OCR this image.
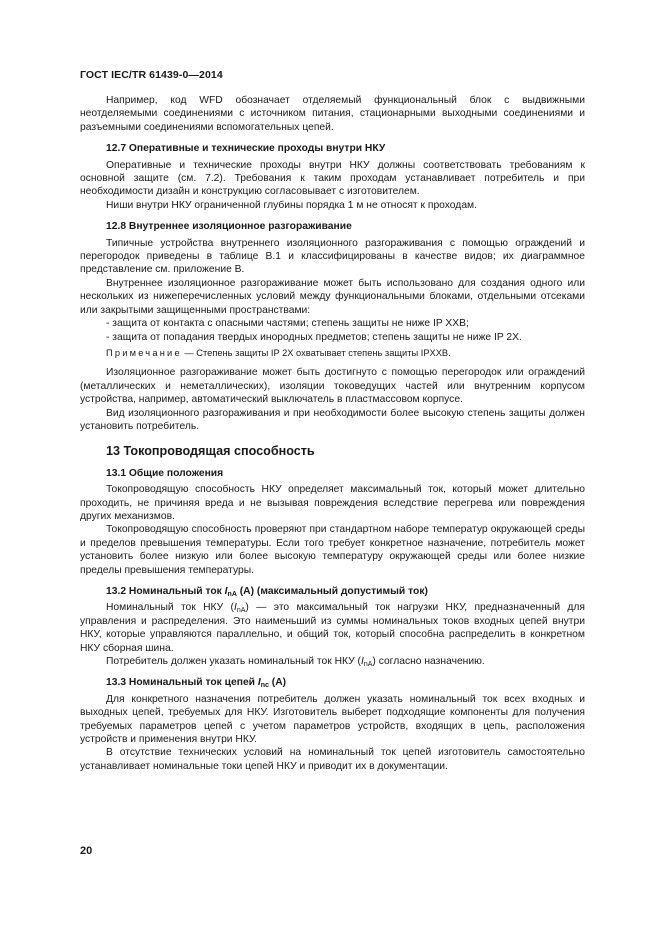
ГОСТ IEC/TR 61439-0—2014

Например, код WFD обозначает отделяемый функциональный блок с выдвижными неотделяемыми соединениями с источником питания, стационарными выходными соединениями и разъемными соединениями вспомогательных цепей.

12.7 Оперативные и технические проходы внутри НКУ

Оперативные и технические проходы внутри НКУ должны соответствовать требованиям к основной защите (см. 7.2). Требования к таким проходам устанавливает потребитель и при необходимости дизайн и конструкцию согласовывает с изготовителем.

Ниши внутри НКУ ограниченной глубины порядка 1 м не относят к проходам.

12.8 Внутреннее изоляционное разгораживание

Типичные устройства внутреннего изоляционного разгораживания с помощью ограждений и перегородок приведены в таблице В.1 и классифицированы в качестве видов; их диаграммное представление см. приложение В.

Внутреннее изоляционное разгораживание может быть использовано для создания одного или нескольких из нижеперечисленных условий между функциональными блоками, отдельными отсеками или закрытыми защищенными пространствами:

- защита от контакта с опасными частями; степень защиты не ниже IP XXB;

- защита от попадания твердых инородных предметов; степень защиты не ниже IP 2X.

Примечание — Степень защиты IP 2X охватывает степень защиты IPXXB.

Изоляционное разгораживание может быть достигнуто с помощью перегородок или ограждений (металлических и неметаллических), изоляции токоведущих частей или внутренним корпусом устройства, например, автоматический выключатель в пластмассовом корпусе.

Вид изоляционного разгораживания и при необходимости более высокую степень защиты должен установить потребитель.

13 Токопроводящая способность

13.1 Общие положения

Токопроводящую способность НКУ определяет максимальный ток, который может длительно проходить, не причиняя вреда и не вызывая повреждения вследствие перегрева или повреждения других механизмов.

Токопроводящую способность проверяют при стандартном наборе температур окружающей среды и пределов превышения температуры. Если того требует конкретное назначение, потребитель может установить более низкую или более высокую температуру окружающей среды или более низкие пределы превышения температуры.

13.2 Номинальный ток $I_{nA}$ (А) (максимальный допустимый ток)

Номинальный ток НКУ $(I_{nA})$ — это максимальный ток нагрузки НКУ, предназначенный для управления и распределения. Это наименьший из суммы номинальных токов входных цепей внутри НКУ, которые управляются параллельно, и общий ток, который способна распределить в конкретном НКУ сборная шина.

Потребитель должен указать номинальный ток НКУ $(I_{nA})$ согласно назначению.

13.3 Номинальный ток цепей $I_{nc}$ (А)

Для конкретного назначения потребитель должен указать номинальный ток всех входных и выходных цепей, требуемых для НКУ. Изготовитель выберет подходящие компоненты для получения требуемых параметров цепей с учетом параметров устройств, входящих в цепь, расположения устройств и применения внутри НКУ.

В отсутствие технических условий на номинальный ток цепей изготовитель самостоятельно устанавливает номинальные токи цепей НКУ и приводит их в документации.

20
